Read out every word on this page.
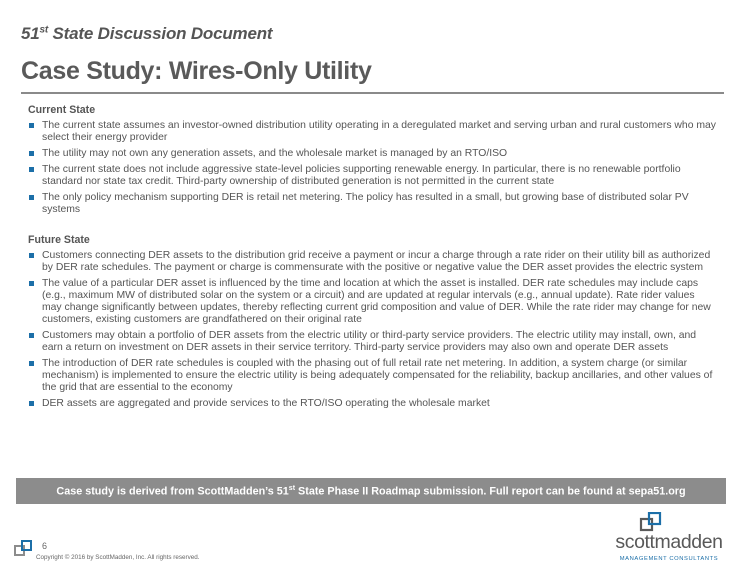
51st State Discussion Document
Case Study: Wires-Only Utility
Current State
The current state assumes an investor-owned distribution utility operating in a deregulated market and serving urban and rural customers who may select their energy provider
The utility may not own any generation assets, and the wholesale market is managed by an RTO/ISO
The current state does not include aggressive state-level policies supporting renewable energy. In particular, there is no renewable portfolio standard nor state tax credit. Third-party ownership of distributed generation is not permitted in the current state
The only policy mechanism supporting DER is retail net metering. The policy has resulted in a small, but growing base of distributed solar PV systems
Future State
Customers connecting DER assets to the distribution grid receive a payment or incur a charge through a rate rider on their utility bill as authorized by DER rate schedules. The payment or charge is commensurate with the positive or negative value the DER asset provides the electric system
The value of a particular DER asset is influenced by the time and location at which the asset is installed. DER rate schedules may include caps (e.g., maximum MW of distributed solar on the system or a circuit) and are updated at regular intervals (e.g., annual update). Rate rider values may change significantly between updates, thereby reflecting current grid composition and value of DER. While the rate rider may change for new customers, existing customers are grandfathered on their original rate
Customers may obtain a portfolio of DER assets from the electric utility or third-party service providers. The electric utility may install, own, and earn a return on investment on DER assets in their service territory. Third-party service providers may also own and operate DER assets
The introduction of DER rate schedules is coupled with the phasing out of full retail rate net metering. In addition, a system charge (or similar mechanism) is implemented to ensure the electric utility is being adequately compensated for the reliability, backup ancillaries, and other values of the grid that are essential to the economy
DER assets are aggregated and provide services to the RTO/ISO operating the wholesale market
Case study is derived from ScottMadden’s 51st State Phase II Roadmap submission. Full report can be found at sepa51.org
6
Copyright © 2016 by ScottMadden, Inc. All rights reserved.
scottmadden
MANAGEMENT CONSULTANTS
